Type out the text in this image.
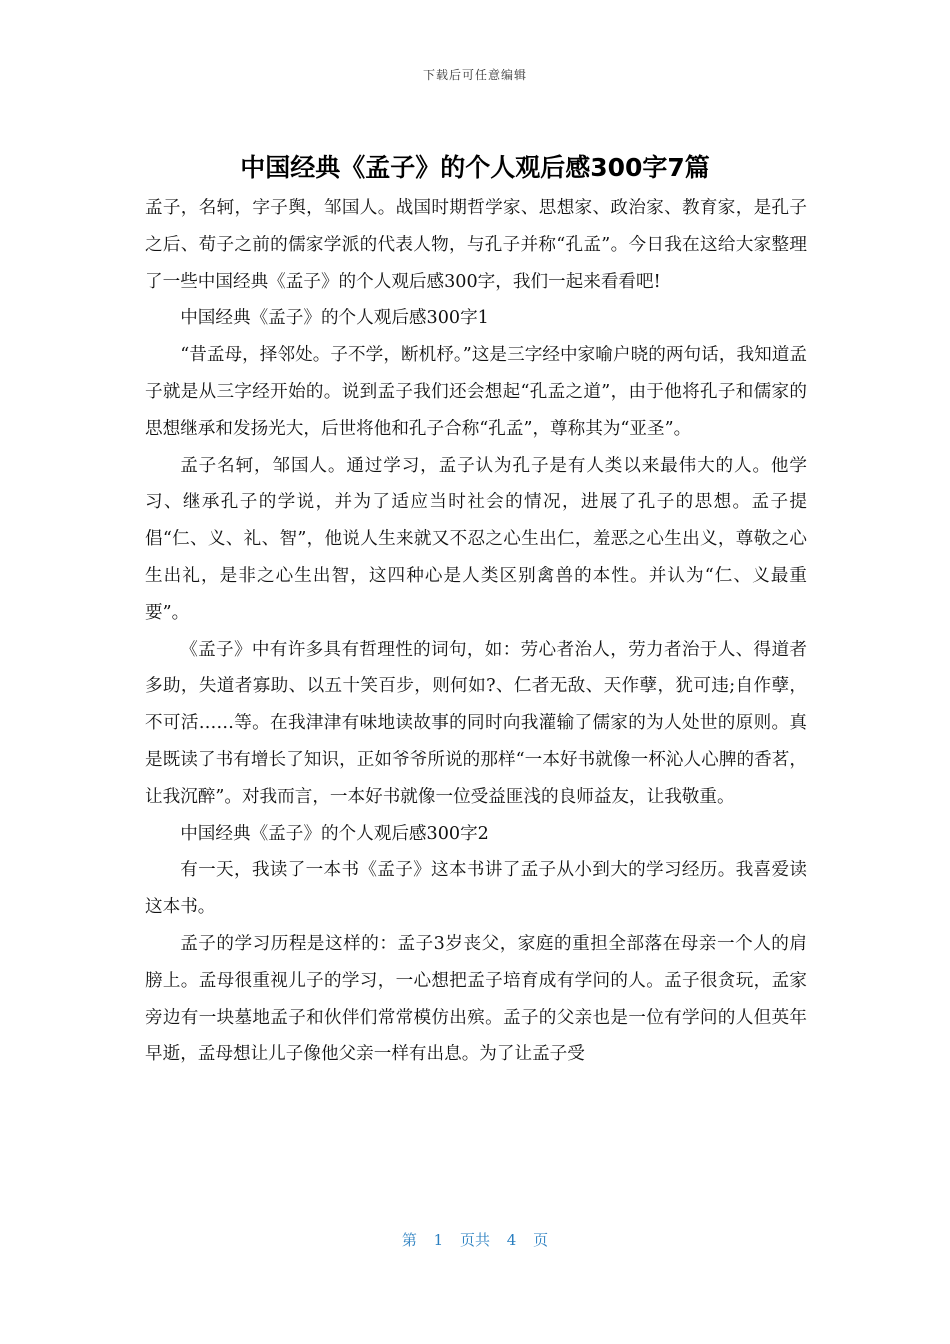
下载后可任意编辑
中国经典《孟子》的个人观后感300字7篇

孟子，名轲，字子舆，邹国人。战国时期哲学家、思想家、政治家、教育家，是孔子之后、荀子之前的儒家学派的代表人物，与孔子并称“孔孟”。今日我在这给大家整理了一些中国经典《孟子》的个人观后感300字，我们一起来看看吧!

中国经典《孟子》的个人观后感300字1

“昔孟母，择邻处。子不学，断机杼。”这是三字经中家喻户晓的两句话，我知道孟子就是从三字经开始的。说到孟子我们还会想起“孔孟之道”，由于他将孔子和儒家的思想继承和发扬光大，后世将他和孔子合称“孔孟”，尊称其为“亚圣”。

孟子名轲，邹国人。通过学习，孟子认为孔子是有人类以来最伟大的人。他学习、继承孔子的学说，并为了适应当时社会的情况，进展了孔子的思想。孟子提倡“仁、义、礼、智”，他说人生来就又不忍之心生出仁，羞恶之心生出义，尊敬之心生出礼，是非之心生出智，这四种心是人类区别禽兽的本性。并认为“仁、义最重要”。

《孟子》中有许多具有哲理性的词句，如：劳心者治人，劳力者治于人、得道者多助，失道者寡助、以五十笑百步，则何如?、仁者无敌、天作孽，犹可违;自作孽，不可活……等。在我津津有味地读故事的同时向我灌输了儒家的为人处世的原则。真是既读了书有增长了知识，正如爷爷所说的那样“一本好书就像一杯沁人心脾的香茗，让我沉醉”。对我而言，一本好书就像一位受益匪浅的良师益友，让我敬重。

中国经典《孟子》的个人观后感300字2

有一天，我读了一本书《孟子》这本书讲了孟子从小到大的学习经历。我喜爱读这本书。

孟子的学习历程是这样的：孟子3岁丧父，家庭的重担全部落在母亲一个人的肩膀上。孟母很重视儿子的学习，一心想把孟子培育成有学问的人。孟子很贪玩，孟家旁边有一块墓地孟子和伙伴们常常模仿出殡。孟子的父亲也是一位有学问的人但英年早逝，孟母想让儿子像他父亲一样有出息。为了让孟子受

第 1 页共 4 页
